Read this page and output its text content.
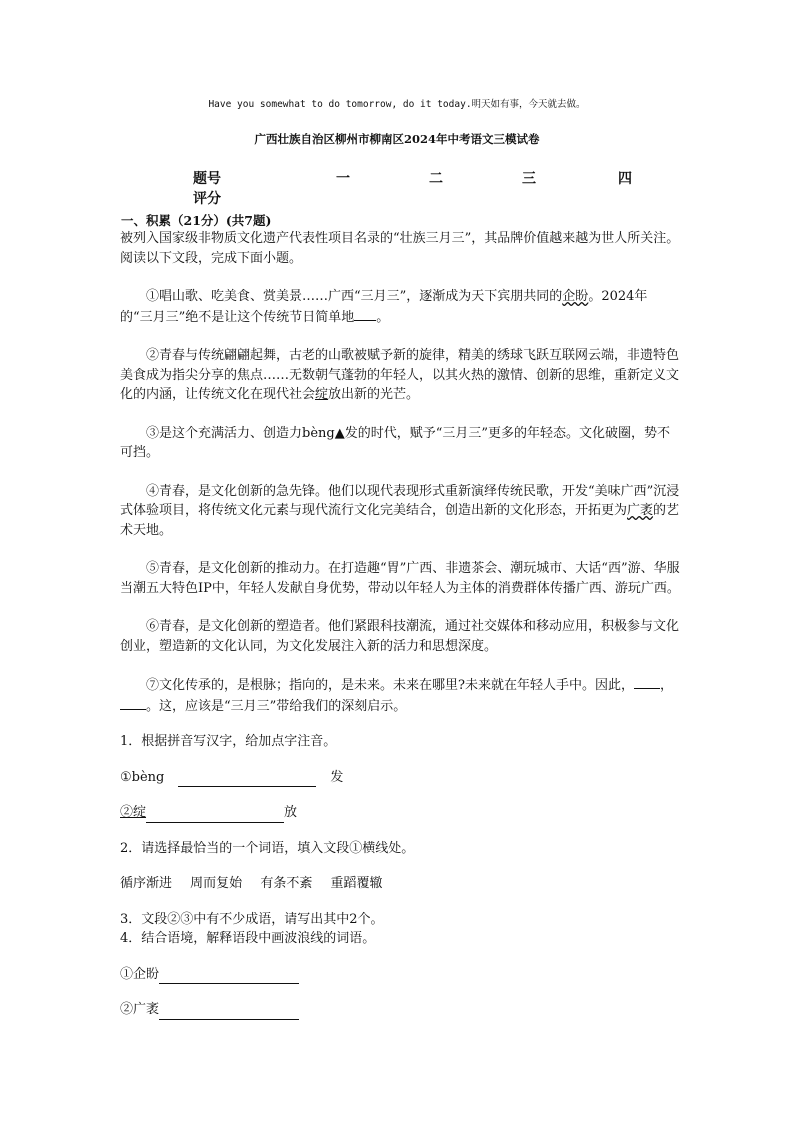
Have you somewhat to do tomorrow, do it today.明天如有事，今天就去做。
广西壮族自治区柳州市柳南区2024年中考语文三模试卷
题号	一	二	三	四
评分
一、积累（21分）(共7题)

被列入国家级非物质文化遗产代表性项目名录的“壮族三月三”，其品牌价值越来越为世人所关注。阅读以下文段，完成下面小题。

①唱山歌、吃美食、赏美景……广西“三月三”，逐渐成为天下宾朋共同的企盼。2024年的“三月三”绝不是让这个传统节日简单地 。

②青春与传统翩翩起舞，古老的山歌被赋予新的旋律，精美的绣球飞跃互联网云端，非遗特色美食成为指尖分享的焦点……无数朝气蓬勃的年轻人，以其火热的激情、创新的思维，重新定义文化的内涵，让传统文化在现代社会绽放出新的光芒。

③是这个充满活力、创造力bèng▲发的时代，赋予“三月三”更多的年轻态。文化破圈，势不可挡。

④青春，是文化创新的急先锋。他们以现代表现形式重新演绎传统民歌，开发“美味广西”沉浸式体验项目，将传统文化元素与现代流行文化完美结合，创造出新的文化形态，开拓更为广袤的艺术天地。

⑤青春，是文化创新的推动力。在打造趣“胃”广西、非遗茶会、潮玩城市、大话“西”游、华服当潮五大特色IP中，年轻人发献自身优势，带动以年轻人为主体的消费群体传播广西、游玩广西。

⑥青春，是文化创新的塑造者。他们紧跟科技潮流，通过社交媒体和移动应用，积极参与文化创业，塑造新的文化认同，为文化发展注入新的活力和思想深度。

⑦文化传承的，是根脉；指向的，是未来。未来在哪里?未来就在年轻人手中。因此， ，。这，应该是“三月三”带给我们的深刻启示。

1．根据拼音写汉字，给加点字注音。

①bèng	发
②绽	放

2．请选择最恰当的一个词语，填入文段①横线处。

循序渐进 周而复始 有条不紊 重蹈覆辙

3．文段②③中有不少成语，请写出其中2个。

4．结合语境，解释语段中画波浪线的词语。

①企盼
②广袤
